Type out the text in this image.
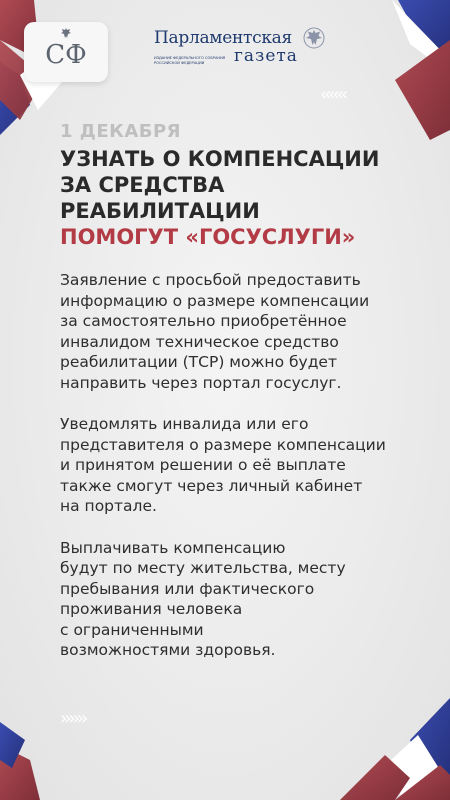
СФ
Парламентская
ИЗДАНИЕ ФЕДЕРАЛЬНОГО СОБРАНИЯ РОССИЙСКОЙ ФЕДЕРАЦИИ	газета
‹‹‹‹‹‹
1 ДЕКАБРЯ
УЗНАТЬ О КОМПЕНСАЦИИ
ЗА СРЕДСТВА
РЕАБИЛИТАЦИИ
ПОМОГУТ «ГОСУСЛУГИ»

Заявление с просьбой предоставить
информацию о размере компенсации
за самостоятельно приобретённое
инвалидом техническое средство
реабилитации (ТСР) можно будет
направить через портал госуслуг.

Уведомлять инвалида или его
представителя о размере компенсации
и принятом решении о её выплате
также смогут через личный кабинет
на портале.

Выплачивать компенсацию
будут по месту жительства, месту
пребывания или фактического
проживания человека
с ограниченными
возможностями здоровья.

››››››
